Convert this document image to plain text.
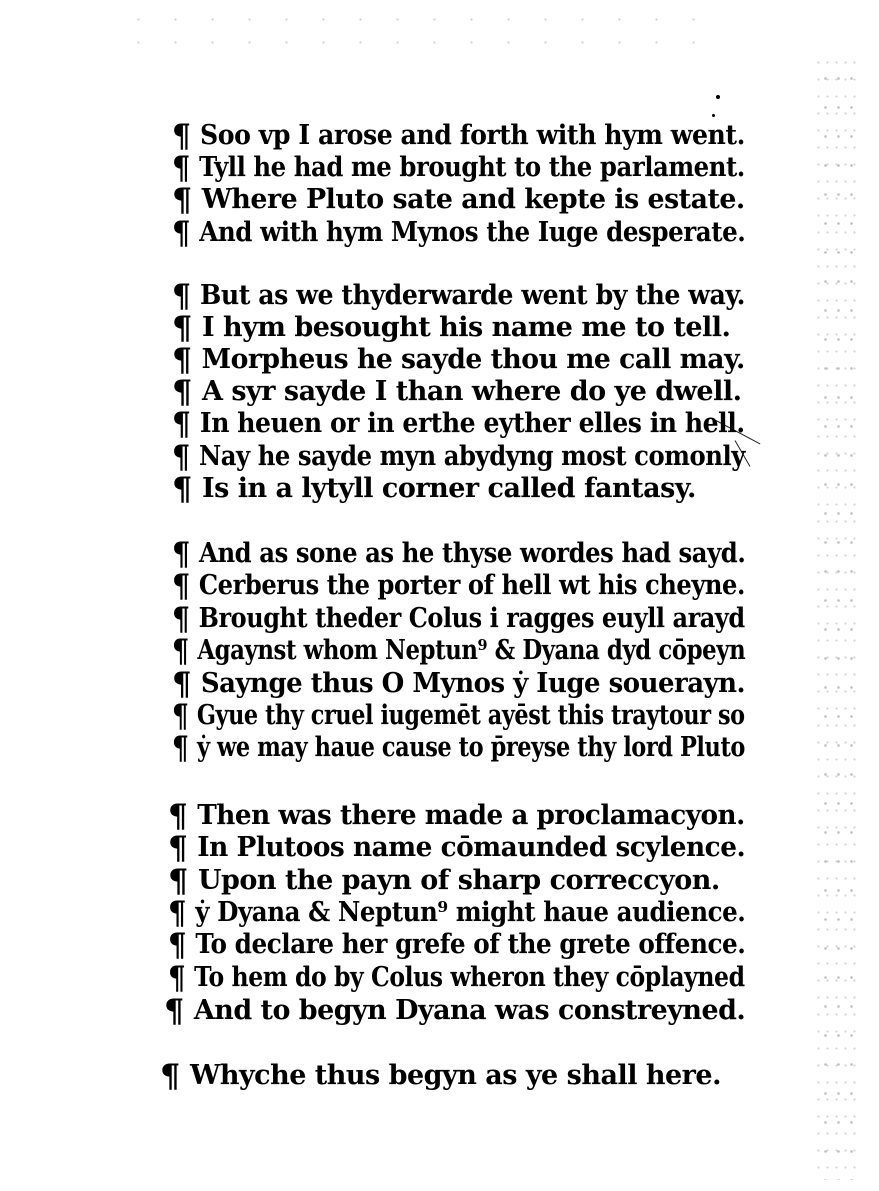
¶ Soo vp I arose and forth with hym went.
¶ Tyll he had me brought to the parlament.
¶ Where Pluto sate and kepte is estate.
¶ And with hym Mynos the Iuge desperate.
¶ But as we thyderwarde went by the way.
¶ I hym besought his name me to tell.
¶ Morpheus he sayde thou me call may.
¶ A syr sayde I than where do ye dwell.
¶ In heuen or in erthe eyther elles in hell.
¶ Nay he sayde myn abydyng most comonly
¶ Is in a lytyll corner called fantasy.
¶ And as sone as he thyse wordes had sayd.
¶ Cerberus the porter of hell wt his cheyne.
¶ Brought theder Colus i ragges euyll arayd
¶ Agaynst whom Neptun⁹ & Dyana dyd cōpeyn
¶ Saynge thus O Mynos ẏ Iuge souerayn.
¶ Gyue thy cruel iugemēt ayēst this traytour so
¶ ẏ we may haue cause to p̄reyse thy lord Pluto
¶ Then was there made a proclamacyon.
¶ In Plutoos name cōmaunded scylence.
¶ Upon the payn of sharp correccyon.
¶ ẏ Dyana & Neptun⁹ might haue audience.
¶ To declare her grefe of the grete offence.
¶ To hem do by Colus wheron they cōplayned
¶ And to begyn Dyana was constreyned.
¶ Whyche thus begyn as ye shall here.
